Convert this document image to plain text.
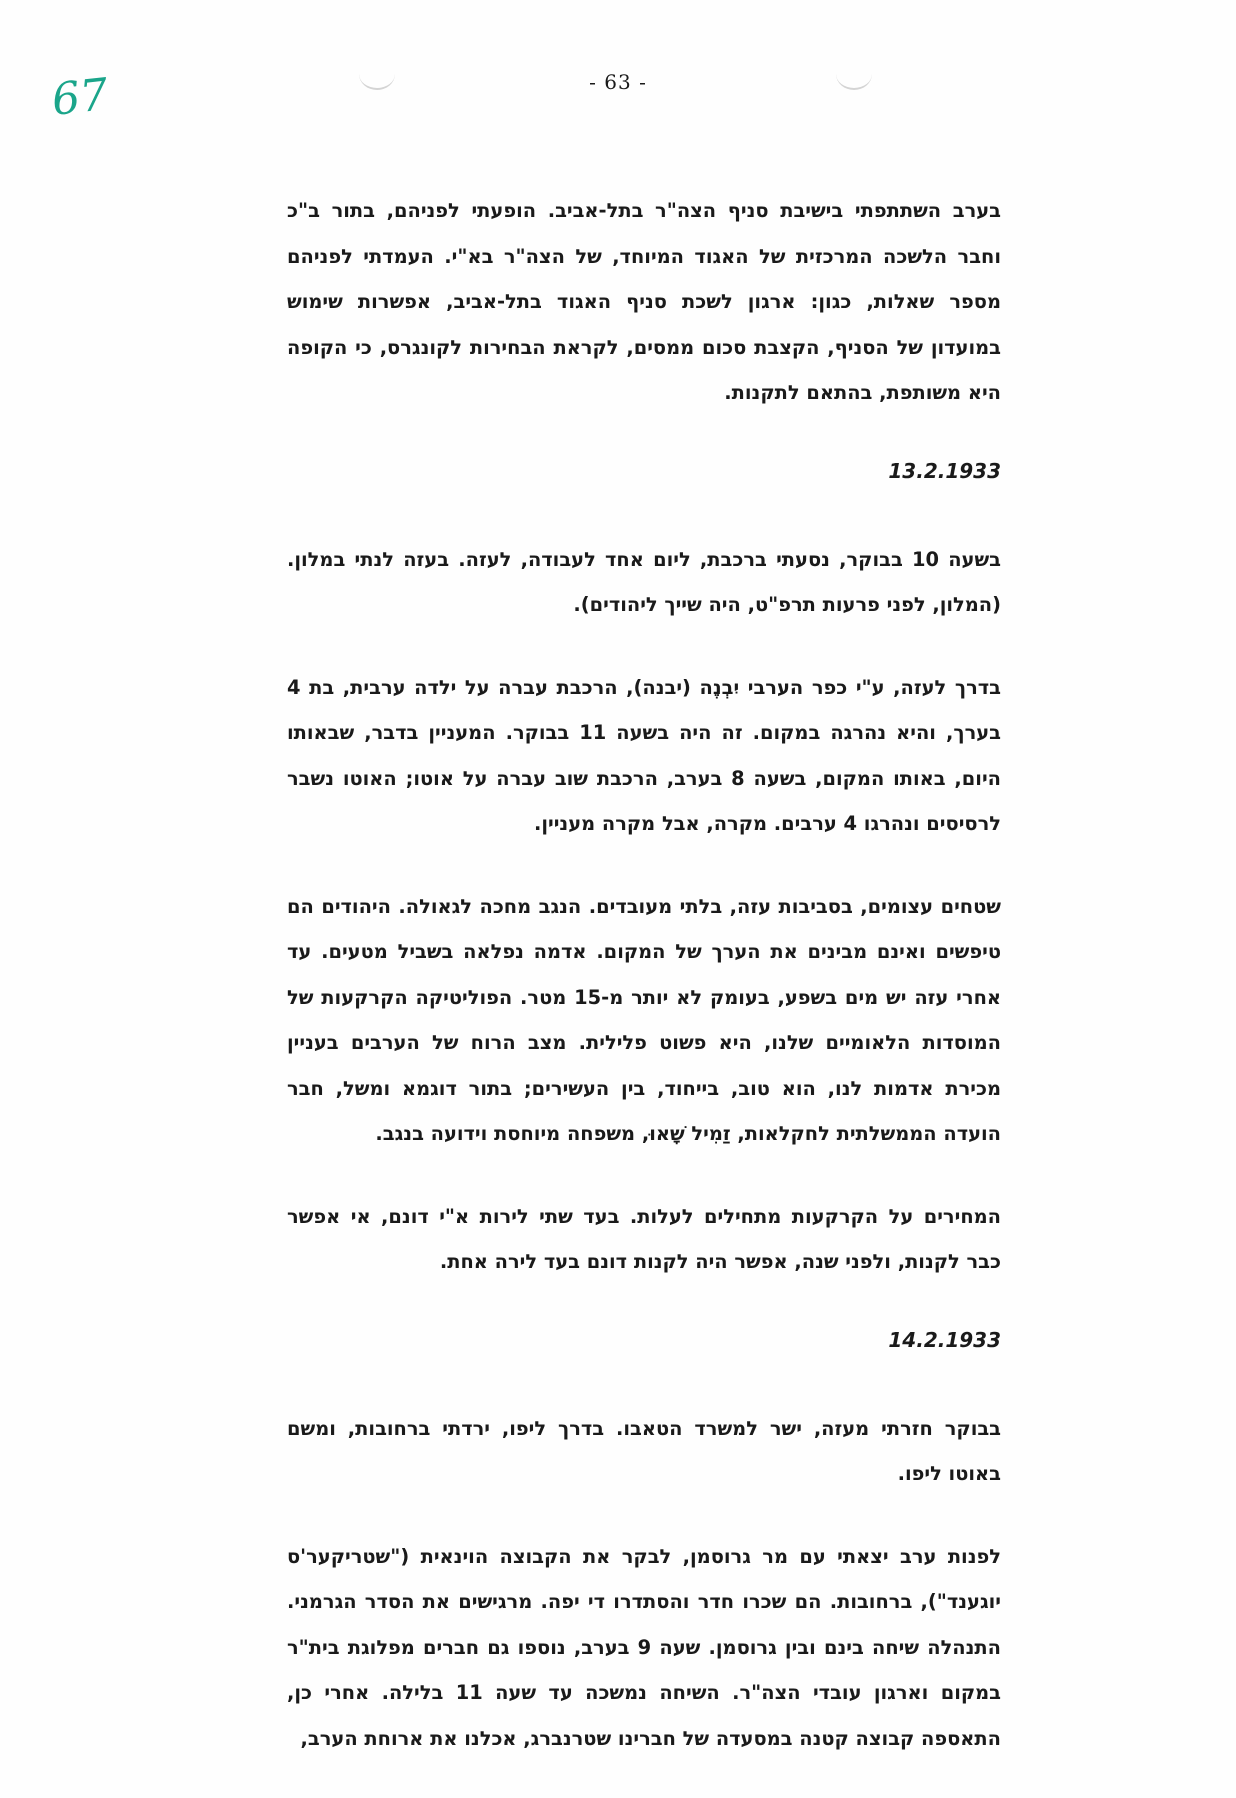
67	- 63 -

בערב השתתפתי בישיבת סניף הצה"ר בתל-אביב. הופעתי לפניהם, בתור ב"כ וחבר הלשכה המרכזית של האגוד המיוחד, של הצה"ר בא"י. העמדתי לפניהם מספר שאלות, כגון: ארגון לשכת סניף האגוד בתל-אביב, אפשרות שימוש במועדון של הסניף, הקצבת סכום ממסים, לקראת הבחירות לקונגרס, כי הקופה היא משותפת, בהתאם לתקנות.

13.2.1933

בשעה 10 בבוקר, נסעתי ברכבת, ליום אחד לעבודה, לעזה. בעזה לנתי במלון. (המלון, לפני פרעות תרפ"ט, היה שייך ליהודים).

בדרך לעזה, ע"י כפר הערבי יִבְנֶה (יבנה), הרכבת עברה על ילדה ערבית, בת 4 בערך, והיא נהרגה במקום. זה היה בשעה 11 בבוקר. המעניין בדבר, שבאותו היום, באותו המקום, בשעה 8 בערב, הרכבת שוב עברה על אוטו; האוטו נשבר לרסיסים ונהרגו 4 ערבים. מקרה, אבל מקרה מעניין.

שטחים עצומים, בסביבות עזה, בלתי מעובדים. הנגב מחכה לגאולה. היהודים הם טיפשים ואינם מבינים את הערך של המקום. אדמה נפלאה בשביל מטעים. עד אחרי עזה יש מים בשפע, בעומק לא יותר מ-15 מטר. הפוליטיקה הקרקעות של המוסדות הלאומיים שלנו, היא פשוט פלילית. מצב הרוח של הערבים בעניין מכירת אדמות לנו, הוא טוב, בייחוד, בין העשירים; בתור דוגמא ומשל, חבר הועדה הממשלתית לחקלאות, זַמִיל שָׁאוּ, משפחה מיוחסת וידועה בנגב.

המחירים על הקרקעות מתחילים לעלות. בעד שתי לירות א"י דונם, אי אפשר כבר לקנות, ולפני שנה, אפשר היה לקנות דונם בעד לירה אחת.

14.2.1933

בבוקר חזרתי מעזה, ישר למשרד הטאבו. בדרך ליפו, ירדתי ברחובות, ומשם באוטו ליפו.

לפנות ערב יצאתי עם מר גרוסמן, לבקר את הקבוצה הוינאית ("שטריקער'ס יוגענד"), ברחובות. הם שכרו חדר והסתדרו די יפה. מרגישים את הסדר הגרמני. התנהלה שיחה בינם ובין גרוסמן. שעה 9 בערב, נוספו גם חברים מפלוגת בית"ר במקום וארגון עובדי הצה"ר. השיחה נמשכה עד שעה 11 בלילה. אחרי כן, התאספה קבוצה קטנה במסעדה של חברינו שטרנברג, אכלנו את ארוחת הערב,
